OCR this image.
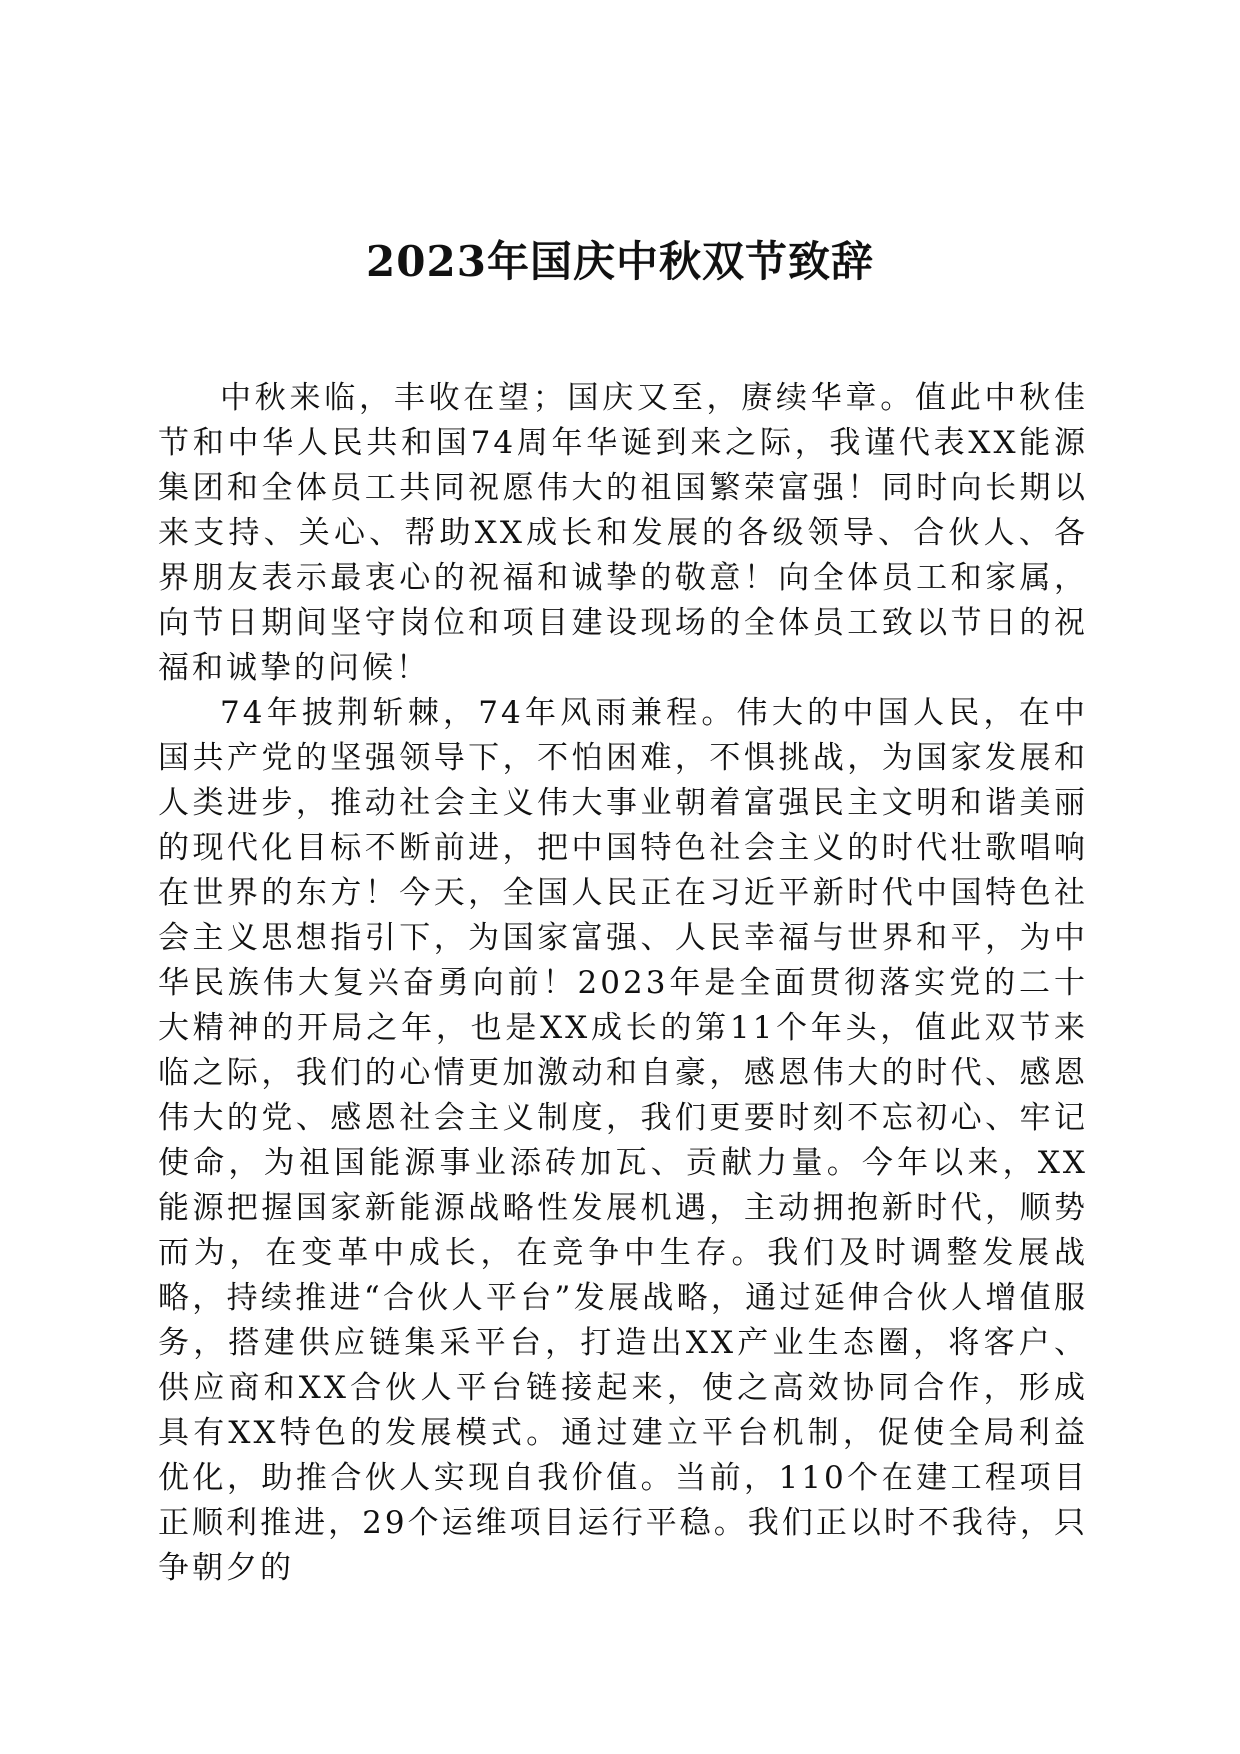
2023年国庆中秋双节致辞

中秋来临，丰收在望；国庆又至，赓续华章。值此中秋佳节和中华人民共和国74周年华诞到来之际，我谨代表XX能源集团和全体员工共同祝愿伟大的祖国繁荣富强！同时向长期以来支持、关心、帮助XX成长和发展的各级领导、合伙人、各界朋友表示最衷心的祝福和诚挚的敬意！向全体员工和家属，向节日期间坚守岗位和项目建设现场的全体员工致以节日的祝福和诚挚的问候！

74年披荆斩棘，74年风雨兼程。伟大的中国人民，在中国共产党的坚强领导下，不怕困难，不惧挑战，为国家发展和人类进步，推动社会主义伟大事业朝着富强民主文明和谐美丽的现代化目标不断前进，把中国特色社会主义的时代壮歌唱响在世界的东方！今天，全国人民正在习近平新时代中国特色社会主义思想指引下，为国家富强、人民幸福与世界和平，为中华民族伟大复兴奋勇向前！2023年是全面贯彻落实党的二十大精神的开局之年，也是XX成长的第11个年头，值此双节来临之际，我们的心情更加激动和自豪，感恩伟大的时代、感恩伟大的党、感恩社会主义制度，我们更要时刻不忘初心、牢记使命，为祖国能源事业添砖加瓦、贡献力量。今年以来，XX能源把握国家新能源战略性发展机遇，主动拥抱新时代，顺势而为，在变革中成长，在竞争中生存。我们及时调整发展战略，持续推进“合伙人平台”发展战略，通过延伸合伙人增值服务，搭建供应链集采平台，打造出XX产业生态圈，将客户、供应商和XX合伙人平台链接起来，使之高效协同合作，形成具有XX特色的发展模式。通过建立平台机制，促使全局利益优化，助推合伙人实现自我价值。当前，110个在建工程项目正顺利推进，29个运维项目运行平稳。我们正以时不我待，只争朝夕的
